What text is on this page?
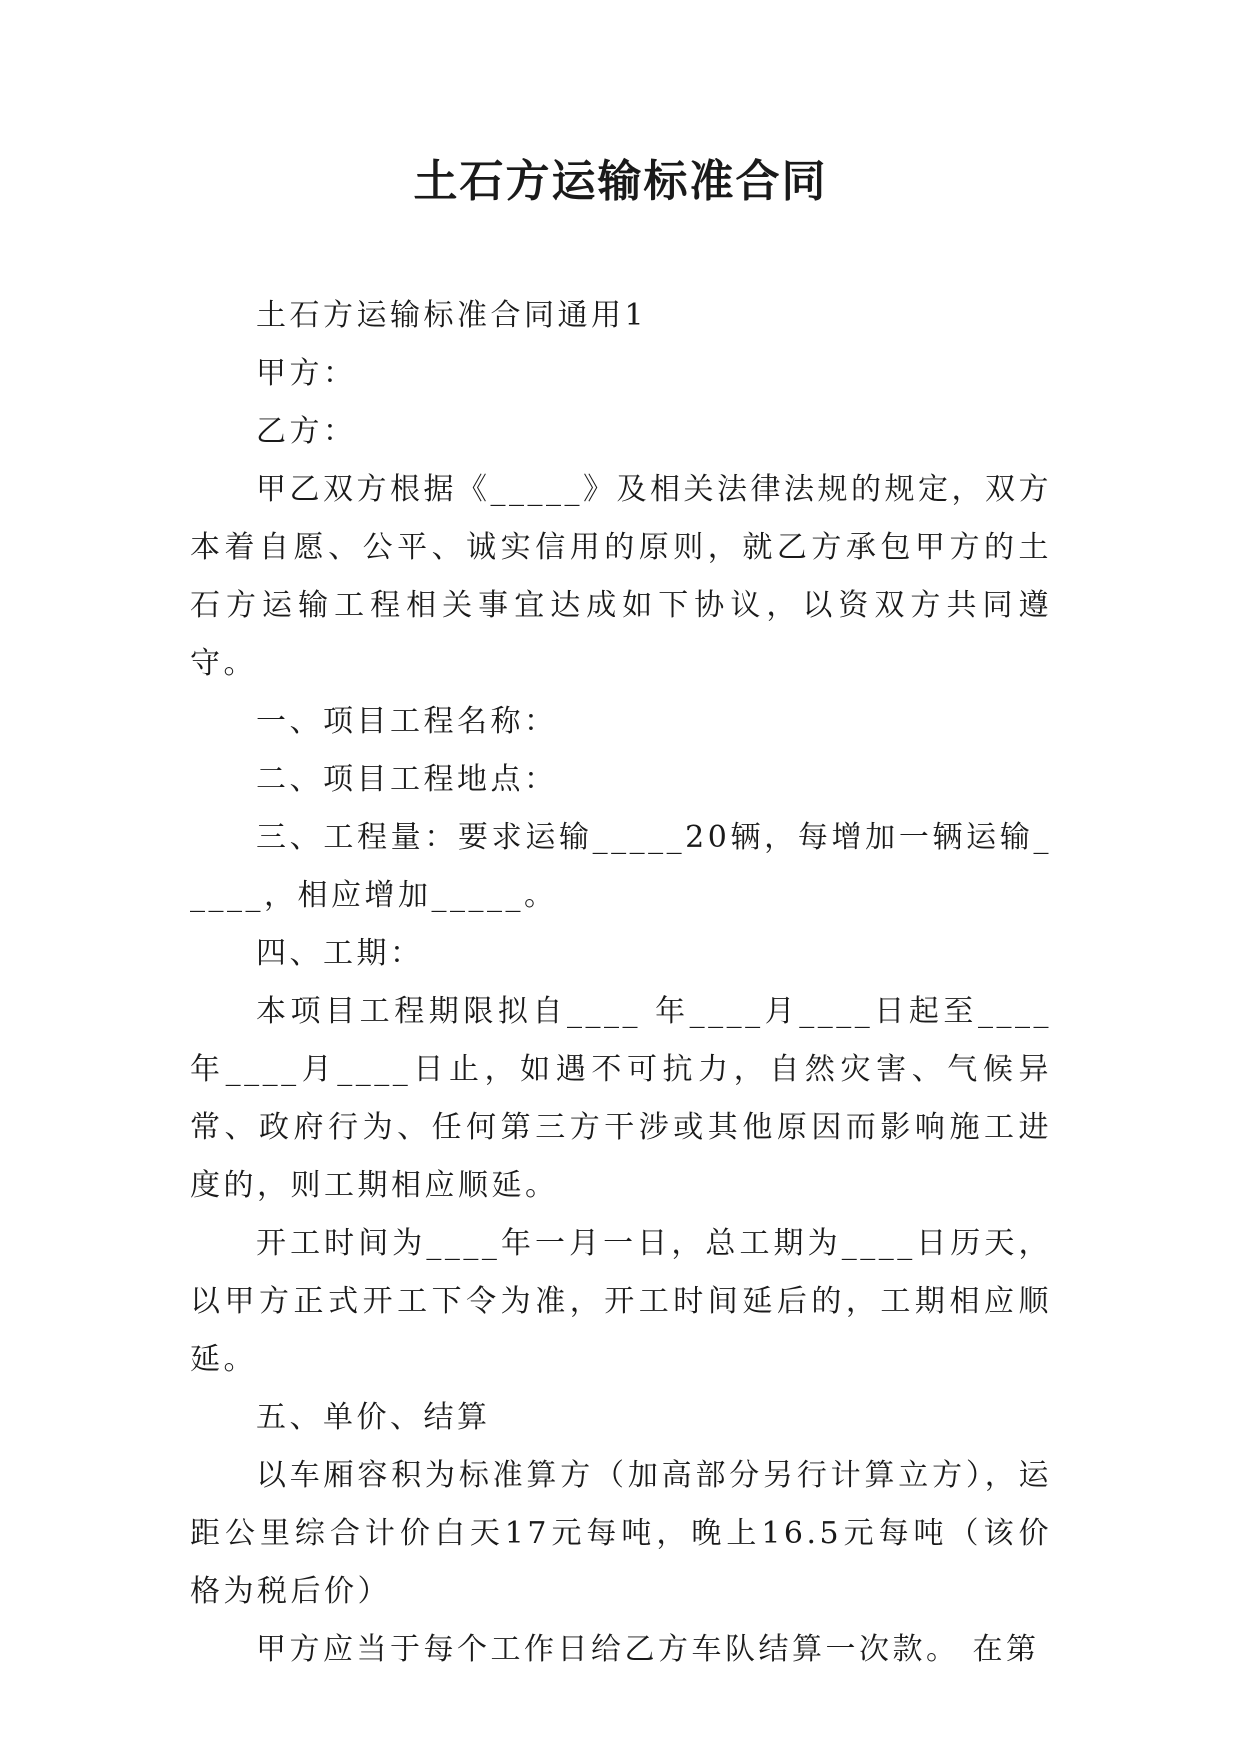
土石方运输标准合同

土石方运输标准合同通用1

甲方：

乙方：

甲乙双方根据《_____》及相关法律法规的规定，双方本着自愿、公平、诚实信用的原则，就乙方承包甲方的土石方运输工程相关事宜达成如下协议，以资双方共同遵守。

一、项目工程名称：

二、项目工程地点：

三、工程量：要求运输_____20辆，每增加一辆运输_____，相应增加_____。

四、工期：

本项目工程期限拟自____ 年____月____日起至____年____月____日止，如遇不可抗力，自然灾害、气候异常、政府行为、任何第三方干涉或其他原因而影响施工进度的，则工期相应顺延。

开工时间为____年一月一日，总工期为____日历天，以甲方正式开工下令为准，开工时间延后的，工期相应顺延。

五、单价、结算

以车厢容积为标准算方（加高部分另行计算立方），运距公里综合计价白天17元每吨，晚上16.5元每吨（该价格为税后价）

甲方应当于每个工作日给乙方车队结算一次款。 在第
